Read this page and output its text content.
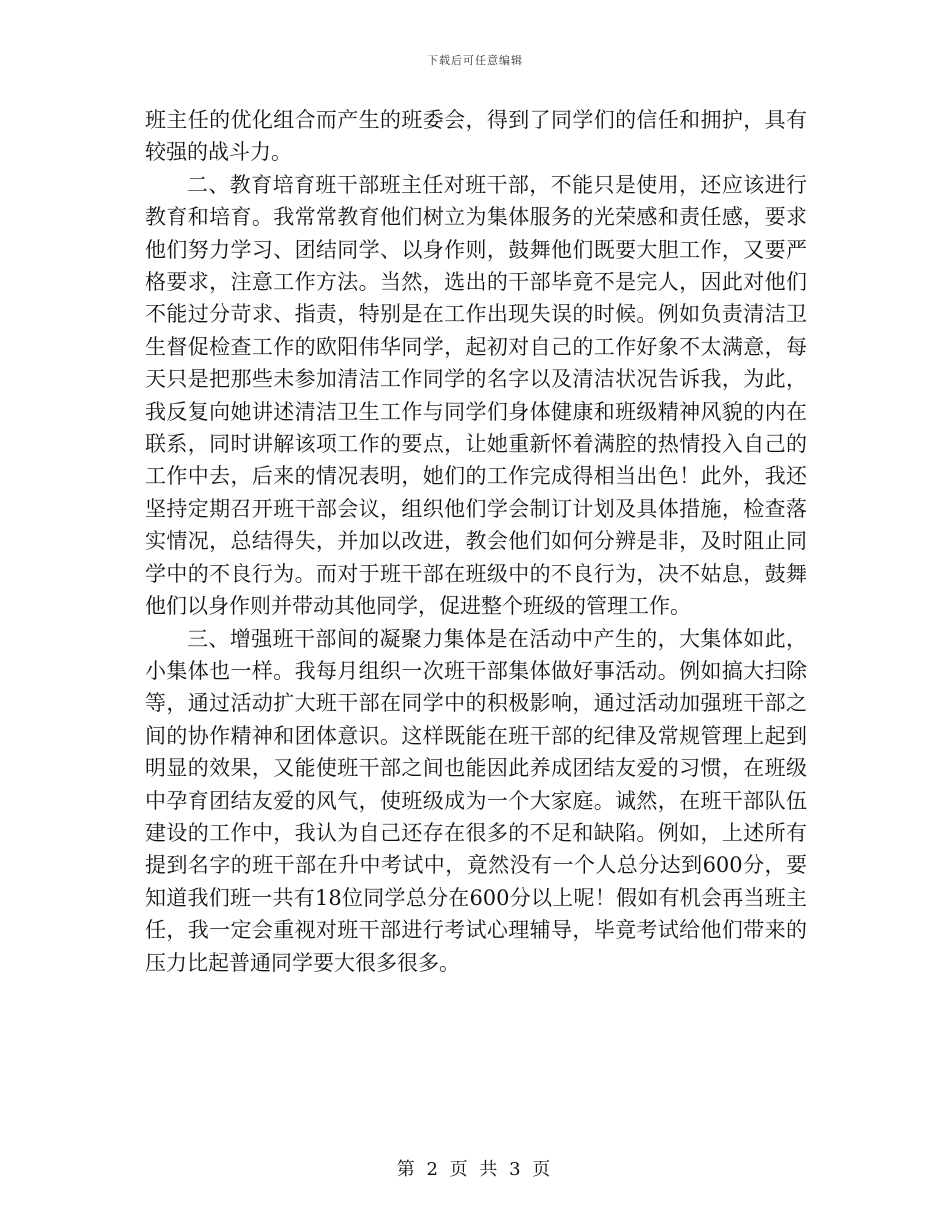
下载后可任意编辑

班主任的优化组合而产生的班委会，得到了同学们的信任和拥护，具有较强的战斗力。

二、教育培育班干部班主任对班干部，不能只是使用，还应该进行教育和培育。我常常教育他们树立为集体服务的光荣感和责任感，要求他们努力学习、团结同学、以身作则，鼓舞他们既要大胆工作，又要严格要求，注意工作方法。当然，选出的干部毕竟不是完人，因此对他们不能过分苛求、指责，特别是在工作出现失误的时候。例如负责清洁卫生督促检查工作的欧阳伟华同学，起初对自己的工作好象不太满意，每天只是把那些未参加清洁工作同学的名字以及清洁状况告诉我，为此，我反复向她讲述清洁卫生工作与同学们身体健康和班级精神风貌的内在联系，同时讲解该项工作的要点，让她重新怀着满腔的热情投入自己的工作中去，后来的情况表明，她们的工作完成得相当出色！此外，我还坚持定期召开班干部会议，组织他们学会制订计划及具体措施，检查落实情况，总结得失，并加以改进，教会他们如何分辨是非，及时阻止同学中的不良行为。而对于班干部在班级中的不良行为，决不姑息，鼓舞他们以身作则并带动其他同学，促进整个班级的管理工作。

三、增强班干部间的凝聚力集体是在活动中产生的，大集体如此，小集体也一样。我每月组织一次班干部集体做好事活动。例如搞大扫除等，通过活动扩大班干部在同学中的积极影响，通过活动加强班干部之间的协作精神和团体意识。这样既能在班干部的纪律及常规管理上起到明显的效果，又能使班干部之间也能因此养成团结友爱的习惯，在班级中孕育团结友爱的风气，使班级成为一个大家庭。诚然，在班干部队伍建设的工作中，我认为自己还存在很多的不足和缺陷。例如，上述所有提到名字的班干部在升中考试中，竟然没有一个人总分达到600分，要知道我们班一共有18位同学总分在600分以上呢！假如有机会再当班主任，我一定会重视对班干部进行考试心理辅导，毕竟考试给他们带来的压力比起普通同学要大很多很多。

第 2 页 共 3 页
